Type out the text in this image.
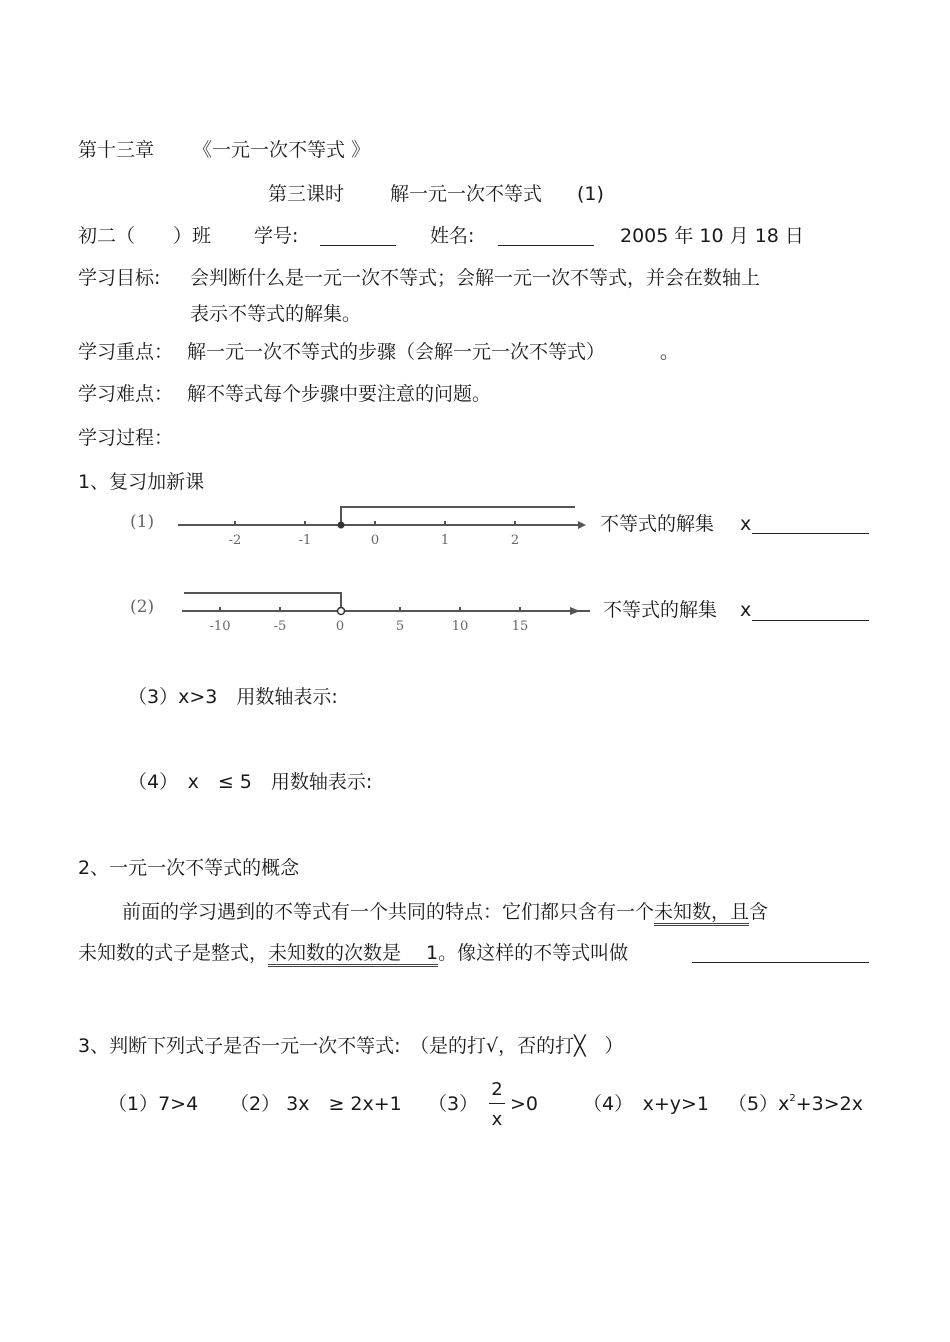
第十三章 《一元一次不等式 》
第三课时 解一元一次不等式 (1)
初二（　　）班 学号:	姓名:	2005 年 10 月 18 日
学习目标: 会判断什么是一元一次不等式；会解一元一次不等式，并会在数轴上
表示不等式的解集。
学习重点： 解一元一次不等式的步骤（会解一元一次不等式）	。
学习难点： 解不等式每个步骤中要注意的问题。
学习过程：
1、复习加新课
(1)
-2	-1	0	1	2
不等式的解集 x
(2)
-10	-5	0	5	10	15
不等式的解集 x
（3）x>3　用数轴表示:
（4）　x　≤ 5　用数轴表示:
2、一元一次不等式的概念
前面的学习遇到的不等式有一个共同的特点：它们都只含有一个未知数，且含
未知数的式子是整式，未知数的次数是　 1。像这样的不等式叫做
3、判断下列式子是否一元一次不等式:　（是的打√，否的打╳　）
（1）7>4 （2） 3x　≥ 2x+1 （3）
2
x
>0 （4）　x+y>1 $(5)x^2+3>2x$
